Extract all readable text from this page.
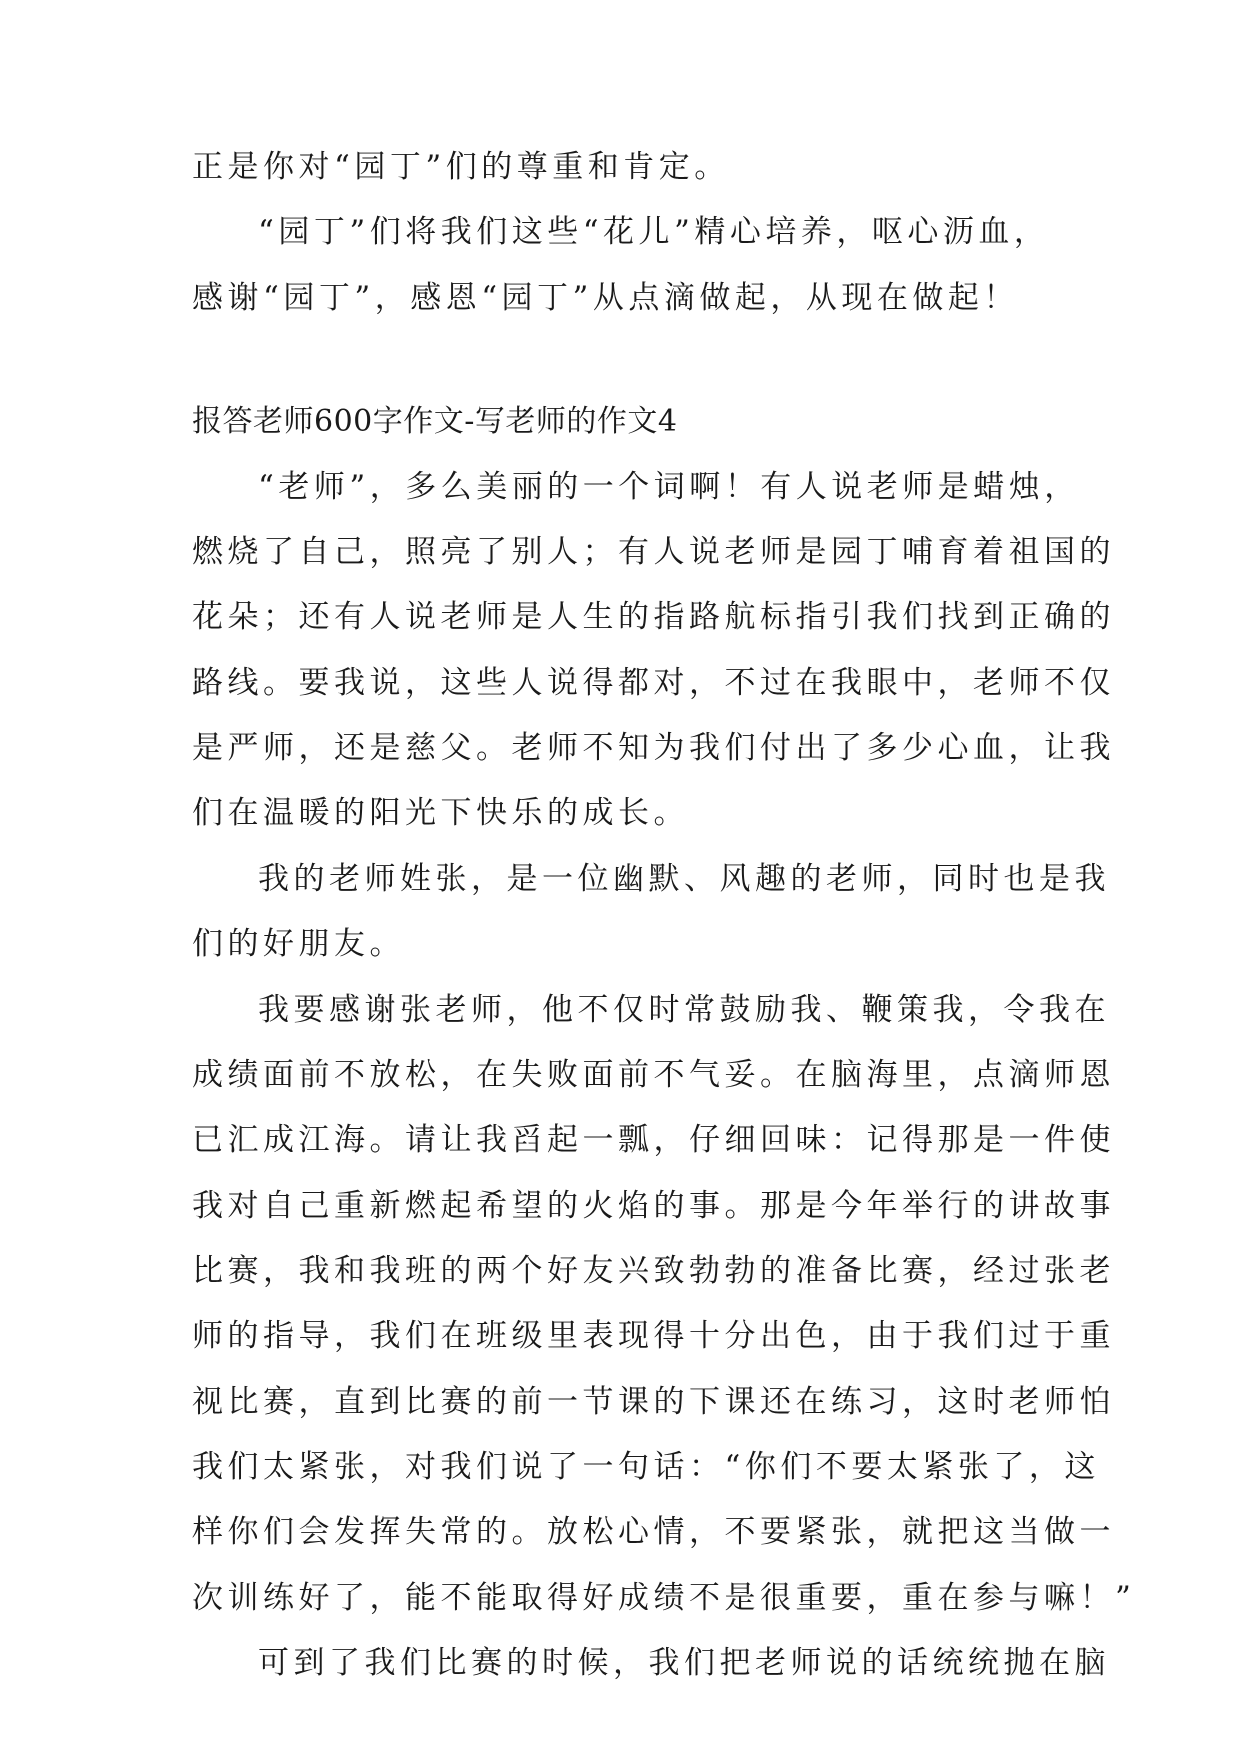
正是你对“园丁”们的尊重和肯定。
“园丁”们将我们这些“花儿”精心培养，呕心沥血，
感谢“园丁”，感恩“园丁”从点滴做起，从现在做起！
报答老师600字作文-写老师的作文4
“老师”，多么美丽的一个词啊！有人说老师是蜡烛，
燃烧了自己，照亮了别人；有人说老师是园丁哺育着祖国的
花朵；还有人说老师是人生的指路航标指引我们找到正确的
路线。要我说，这些人说得都对，不过在我眼中，老师不仅
是严师，还是慈父。老师不知为我们付出了多少心血，让我
们在温暖的阳光下快乐的成长。
我的老师姓张，是一位幽默、风趣的老师，同时也是我
们的好朋友。
我要感谢张老师，他不仅时常鼓励我、鞭策我，令我在
成绩面前不放松，在失败面前不气妥。在脑海里，点滴师恩
已汇成江海。请让我舀起一瓢，仔细回味：记得那是一件使
我对自己重新燃起希望的火焰的事。那是今年举行的讲故事
比赛，我和我班的两个好友兴致勃勃的准备比赛，经过张老
师的指导，我们在班级里表现得十分出色，由于我们过于重
视比赛，直到比赛的前一节课的下课还在练习，这时老师怕
我们太紧张，对我们说了一句话：“你们不要太紧张了，这
样你们会发挥失常的。放松心情，不要紧张，就把这当做一
次训练好了，能不能取得好成绩不是很重要，重在参与嘛！”
可到了我们比赛的时候，我们把老师说的话统统抛在脑
